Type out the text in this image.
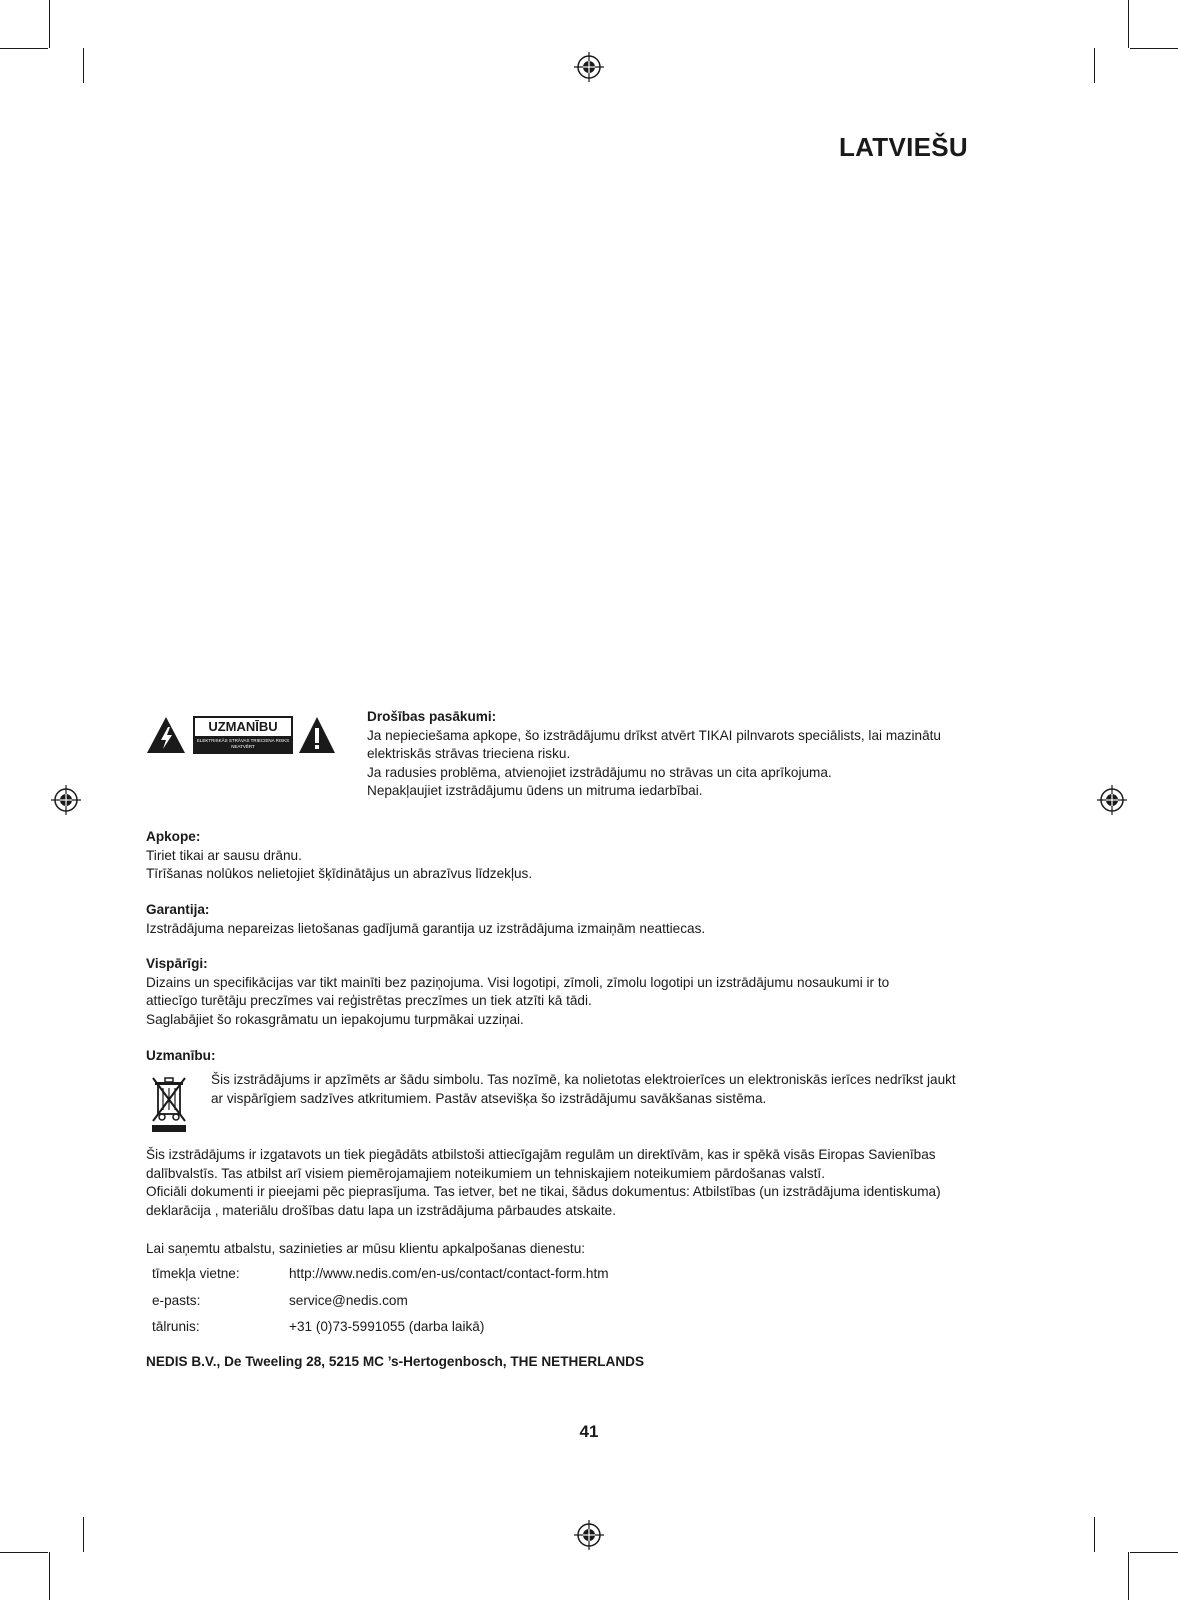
LATVIEŠU
UZMANĪBU
ELEKTRISKĀS STRĀVAS TRIECIENA RISKS NEATVĒRT
Drošības pasākumi:
Ja nepieciešama apkope, šo izstrādājumu drīkst atvērt TIKAI pilnvarots speciālists, lai mazinātu
elektriskās strāvas trieciena risku.
Ja radusies problēma, atvienojiet izstrādājumu no strāvas un cita aprīkojuma.
Nepakļaujiet izstrādājumu ūdens un mitruma iedarbībai.
Apkope:
Tiriet tikai ar sausu drānu.
Tīrīšanas nolūkos nelietojiet šķīdinātājus un abrazīvus līdzekļus.
Garantija:
Izstrādājuma nepareizas lietošanas gadījumā garantija uz izstrādājuma izmaiņām neattiecas.
Vispārīgi:
Dizains un specifikācijas var tikt mainīti bez paziņojuma. Visi logotipi, zīmoli, zīmolu logotipi un izstrādājumu nosaukumi ir to
attiecīgo turētāju preczīmes vai reģistrētas preczīmes un tiek atzīti kā tādi.
Saglabājiet šo rokasgrāmatu un iepakojumu turpmākai uzziņai.
Uzmanību:
Šis izstrādājums ir apzīmēts ar šādu simbolu. Tas nozīmē, ka nolietotas elektroierīces un elektroniskās ierīces nedrīkst jaukt
ar vispārīgiem sadzīves atkritumiem. Pastāv atsevišķa šo izstrādājumu savākšanas sistēma.
Šis izstrādājums ir izgatavots un tiek piegādāts atbilstoši attiecīgajām regulām un direktīvām, kas ir spēkā visās Eiropas Savienības
dalībvalstīs. Tas atbilst arī visiem piemērojamajiem noteikumiem un tehniskajiem noteikumiem pārdošanas valstī.
Oficiāli dokumenti ir pieejami pēc pieprasījuma. Tas ietver, bet ne tikai, šādus dokumentus: Atbilstības (un izstrādājuma identiskuma)
deklarācija , materiālu drošības datu lapa un izstrādājuma pārbaudes atskaite.
Lai saņemtu atbalstu, sazinieties ar mūsu klientu apkalpošanas dienestu:
tīmekļa vietne:	http://www.nedis.com/en-us/contact/contact-form.htm
e-pasts:	service@nedis.com
tālrunis:	+31 (0)73-5991055 (darba laikā)
NEDIS B.V., De Tweeling 28, 5215 MC ’s-Hertogenbosch, THE NETHERLANDS
41
